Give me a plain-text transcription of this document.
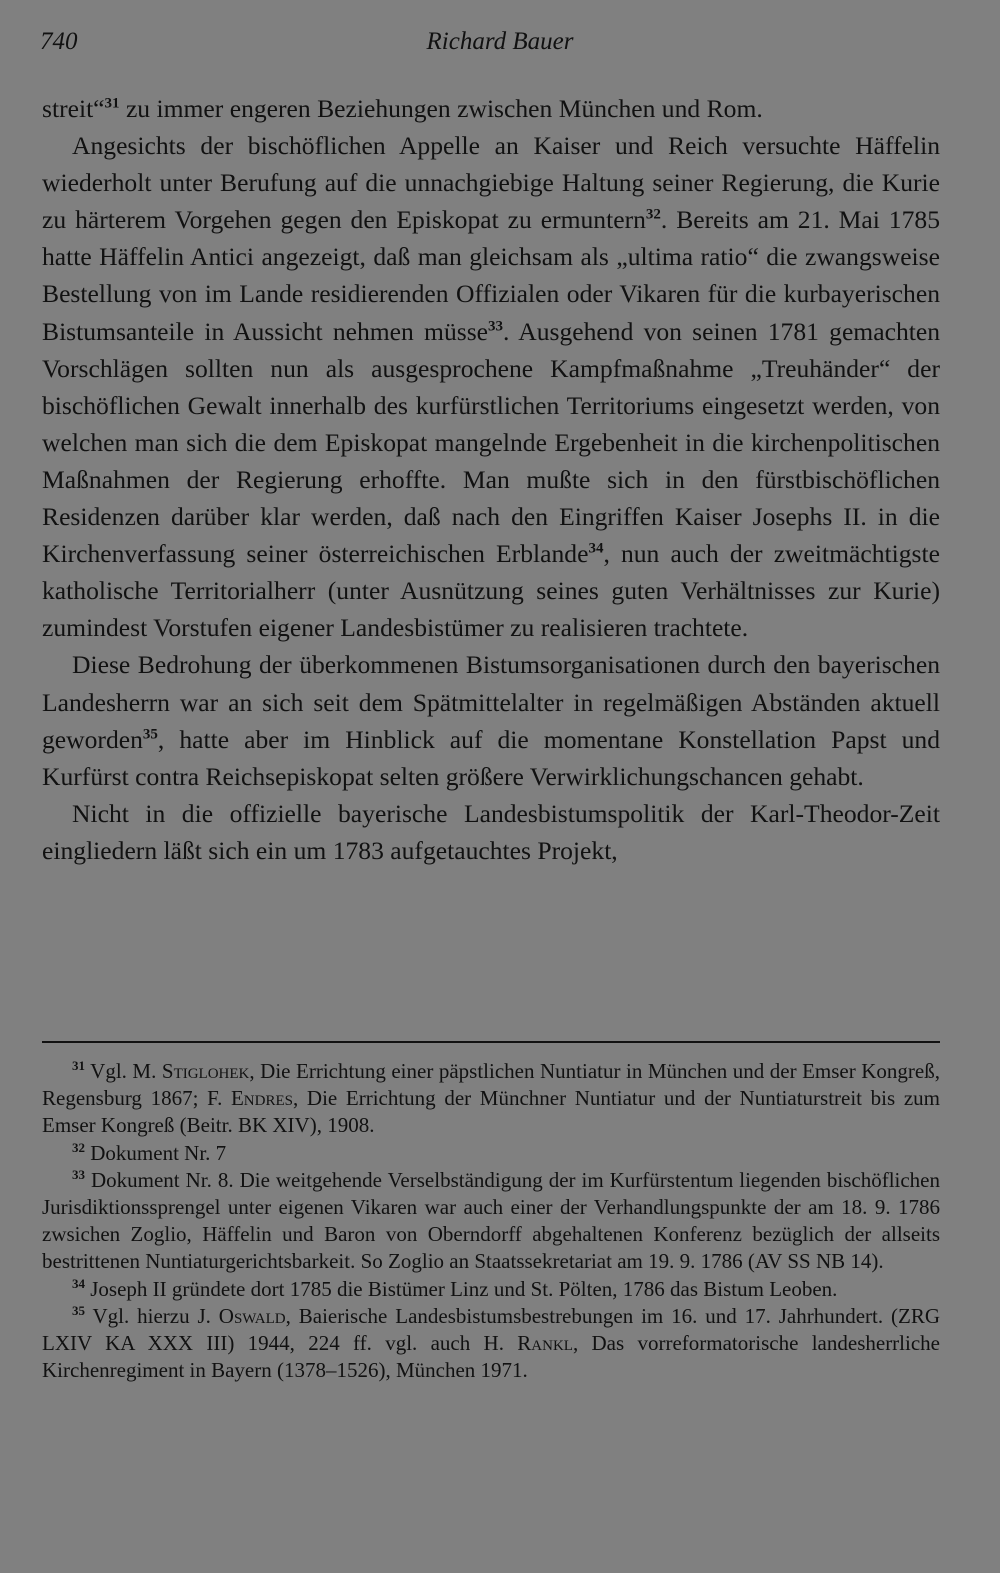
740	Richard Bauer

streit“$^{31}$ zu immer engeren Beziehungen zwischen München und Rom.

Angesichts der bischöflichen Appelle an Kaiser und Reich versuchte Häffelin wiederholt unter Berufung auf die unnachgiebige Haltung seiner Regierung, die Kurie zu härterem Vorgehen gegen den Episkopat zu ermuntern$^{32}$. Bereits am 21. Mai 1785 hatte Häffelin Antici angezeigt, daß man gleichsam als „ultima ratio“ die zwangsweise Bestellung von im Lande residierenden Offizialen oder Vikaren für die kurbayerischen Bistumsanteile in Aussicht nehmen müsse$^{33}$. Ausgehend von seinen 1781 gemachten Vorschlägen sollten nun als ausgesprochene Kampfmaßnahme „Treuhänder“ der bischöflichen Gewalt innerhalb des kurfürstlichen Territoriums eingesetzt werden, von welchen man sich die dem Episkopat mangelnde Ergebenheit in die kirchenpolitischen Maßnahmen der Regierung erhoffte. Man mußte sich in den fürstbischöflichen Residenzen darüber klar werden, daß nach den Eingriffen Kaiser Josephs II. in die Kirchenverfassung seiner österreichischen Erblande$^{34}$, nun auch der zweitmächtigste katholische Territorialherr (unter Ausnützung seines guten Verhältnisses zur Kurie) zumindest Vorstufen eigener Landesbistümer zu realisieren trachtete.

Diese Bedrohung der überkommenen Bistumsorganisationen durch den bayerischen Landesherrn war an sich seit dem Spätmittelalter in regelmäßigen Abständen aktuell geworden$^{35}$, hatte aber im Hinblick auf die momentane Konstellation Papst und Kurfürst contra Reichsepiskopat selten größere Verwirklichungschancen gehabt.

Nicht in die offizielle bayerische Landesbistumspolitik der Karl-Theodor-Zeit eingliedern läßt sich ein um 1783 aufgetauchtes Projekt,

$^{31}$ Vgl. M. Stiglohek, Die Errichtung einer päpstlichen Nuntiatur in München und der Emser Kongreß, Regensburg 1867; F. Endres, Die Errichtung der Münchner Nuntiatur und der Nuntiaturstreit bis zum Emser Kongreß (Beitr. BK XIV), 1908.

$^{32}$ Dokument Nr. 7

$^{33}$ Dokument Nr. 8. Die weitgehende Verselbständigung der im Kurfürstentum liegenden bischöflichen Jurisdiktionssprengel unter eigenen Vikaren war auch einer der Verhandlungspunkte der am 18. 9. 1786 zwsichen Zoglio, Häffelin und Baron von Oberndorff abgehaltenen Konferenz bezüglich der allseits bestrittenen Nuntiaturgerichtsbarkeit. So Zoglio an Staatssekretariat am 19. 9. 1786 (AV SS NB 14).

$^{34}$ Joseph II gründete dort 1785 die Bistümer Linz und St. Pölten, 1786 das Bistum Leoben.

$^{35}$ Vgl. hierzu J. Oswald, Baierische Landesbistumsbestrebungen im 16. und 17. Jahrhundert. (ZRG LXIV KA XXX III) 1944, 224 ff. vgl. auch H. Rankl, Das vorreformatorische landesherrliche Kirchenregiment in Bayern (1378–1526), München 1971.
